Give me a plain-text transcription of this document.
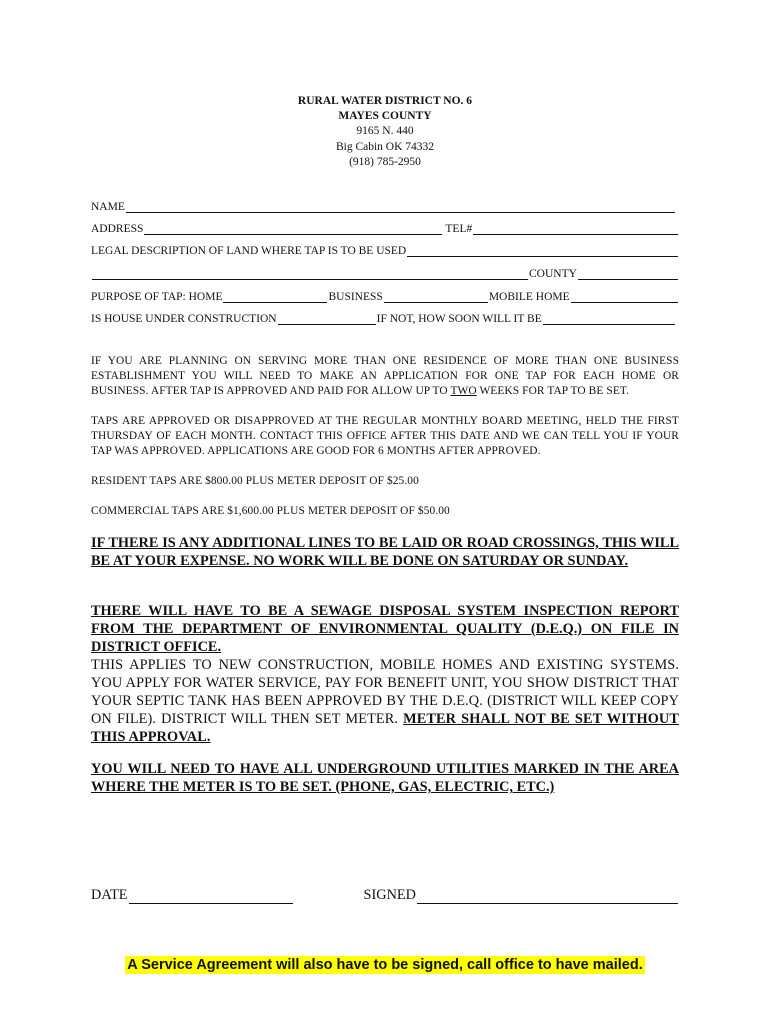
RURAL WATER DISTRICT NO. 6
MAYES COUNTY
9165 N. 440
Big Cabin OK 74332
(918) 785-2950
NAME
ADDRESS	TEL#
LEGAL DESCRIPTION OF LAND WHERE TAP IS TO BE USED
COUNTY
PURPOSE OF TAP: HOME	BUSINESS	MOBILE HOME
IS HOUSE UNDER CONSTRUCTION	IF NOT, HOW SOON WILL IT BE
IF YOU ARE PLANNING ON SERVING MORE THAN ONE RESIDENCE OF MORE THAN ONE BUSINESS ESTABLISHMENT YOU WILL NEED TO MAKE AN APPLICATION FOR ONE TAP FOR EACH HOME OR BUSINESS. AFTER TAP IS APPROVED AND PAID FOR ALLOW UP TO TWO WEEKS FOR TAP TO BE SET.
TAPS ARE APPROVED OR DISAPPROVED AT THE REGULAR MONTHLY BOARD MEETING, HELD THE FIRST THURSDAY OF EACH MONTH. CONTACT THIS OFFICE AFTER THIS DATE AND WE CAN TELL YOU IF YOUR TAP WAS APPROVED. APPLICATIONS ARE GOOD FOR 6 MONTHS AFTER APPROVED.
RESIDENT TAPS ARE $800.00 PLUS METER DEPOSIT OF $25.00
COMMERCIAL TAPS ARE $1,600.00 PLUS METER DEPOSIT OF $50.00
IF THERE IS ANY ADDITIONAL LINES TO BE LAID OR ROAD CROSSINGS, THIS WILL BE AT YOUR EXPENSE. NO WORK WILL BE DONE ON SATURDAY OR SUNDAY.
THERE WILL HAVE TO BE A SEWAGE DISPOSAL SYSTEM INSPECTION REPORT FROM THE DEPARTMENT OF ENVIRONMENTAL QUALITY (D.E.Q.) ON FILE IN DISTRICT OFFICE.
THIS APPLIES TO NEW CONSTRUCTION, MOBILE HOMES AND EXISTING SYSTEMS. YOU APPLY FOR WATER SERVICE, PAY FOR BENEFIT UNIT, YOU SHOW DISTRICT THAT YOUR SEPTIC TANK HAS BEEN APPROVED BY THE D.E.Q. (DISTRICT WILL KEEP COPY ON FILE). DISTRICT WILL THEN SET METER. METER SHALL NOT BE SET WITHOUT THIS APPROVAL.
YOU WILL NEED TO HAVE ALL UNDERGROUND UTILITIES MARKED IN THE AREA WHERE THE METER IS TO BE SET. (PHONE, GAS, ELECTRIC, ETC.)
DATE	SIGNED
A Service Agreement will also have to be signed, call office to have mailed.
